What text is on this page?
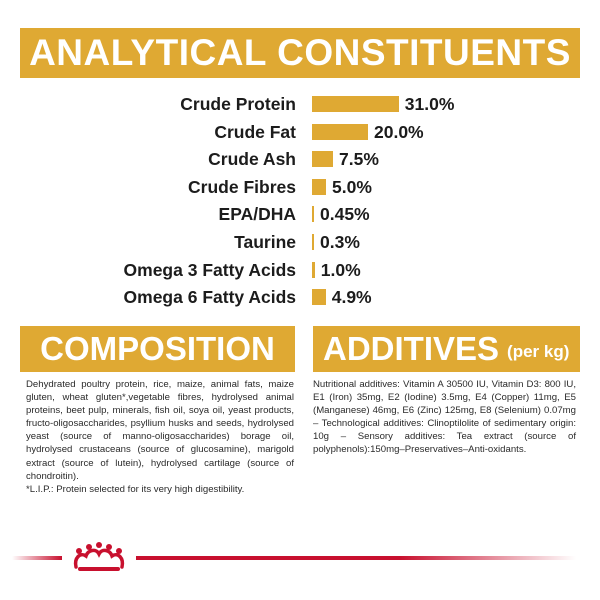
ANALYTICAL CONSTITUENTS
Crude Protein	31.0%
Crude Fat	20.0%
Crude Ash 7.5%
Crude Fibres 5.0%
EPA/DHA 0.45%
Taurine 0.3%
Omega 3 Fatty Acids 1.0%
Omega 6 Fatty Acids 4.9%
COMPOSITION ADDITIVES (per kg)

Dehydrated poultry protein, rice, maize, animal fats, maize gluten, wheat gluten*,vegetable fibres, hydrolysed animal proteins, beet pulp, minerals, fish oil, soya oil, yeast products, fructo-oligosaccharides, psyllium husks and seeds, hydrolysed yeast (source of manno-oligosaccharides) borage oil, hydrolysed crustaceans (source of glucosamine), marigold extract (source of lutein), hydrolysed cartilage (source of chondroitin).

*L.I.P.: Protein selected for its very high digestibility.

Nutritional additives: Vitamin A 30500 IU, Vitamin D3: 800 IU, E1 (Iron) 35mg, E2 (Iodine) 3.5mg, E4 (Copper) 11mg, E5 (Manganese) 46mg, E6 (Zinc) 125mg, E8 (Selenium) 0.07mg – Technological additives: Clinoptilolite of sedimentary origin: 10g – Sensory additives: Tea extract (source of polyphenols):150mg–Preservatives–Anti-oxidants.
